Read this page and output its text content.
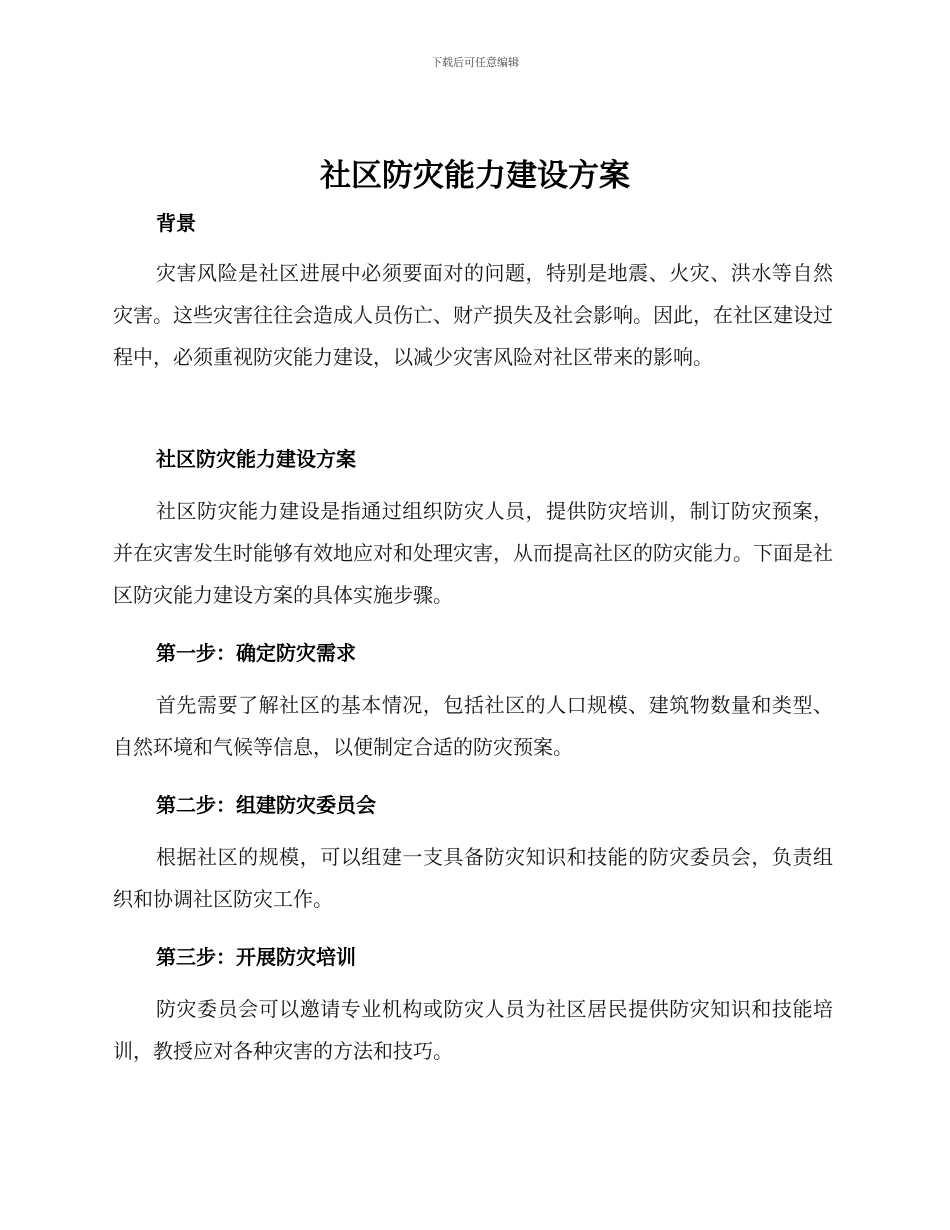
下载后可任意编辑
社区防灾能力建设方案
背景

灾害风险是社区进展中必须要面对的问题，特别是地震、火灾、洪水等自然灾害。这些灾害往往会造成人员伤亡、财产损失及社会影响。因此，在社区建设过程中，必须重视防灾能力建设，以减少灾害风险对社区带来的影响。

社区防灾能力建设方案

社区防灾能力建设是指通过组织防灾人员，提供防灾培训，制订防灾预案，并在灾害发生时能够有效地应对和处理灾害，从而提高社区的防灾能力。下面是社区防灾能力建设方案的具体实施步骤。

第一步：确定防灾需求

首先需要了解社区的基本情况，包括社区的人口规模、建筑物数量和类型、自然环境和气候等信息，以便制定合适的防灾预案。

第二步：组建防灾委员会

根据社区的规模，可以组建一支具备防灾知识和技能的防灾委员会，负责组织和协调社区防灾工作。

第三步：开展防灾培训

防灾委员会可以邀请专业机构或防灾人员为社区居民提供防灾知识和技能培训，教授应对各种灾害的方法和技巧。
